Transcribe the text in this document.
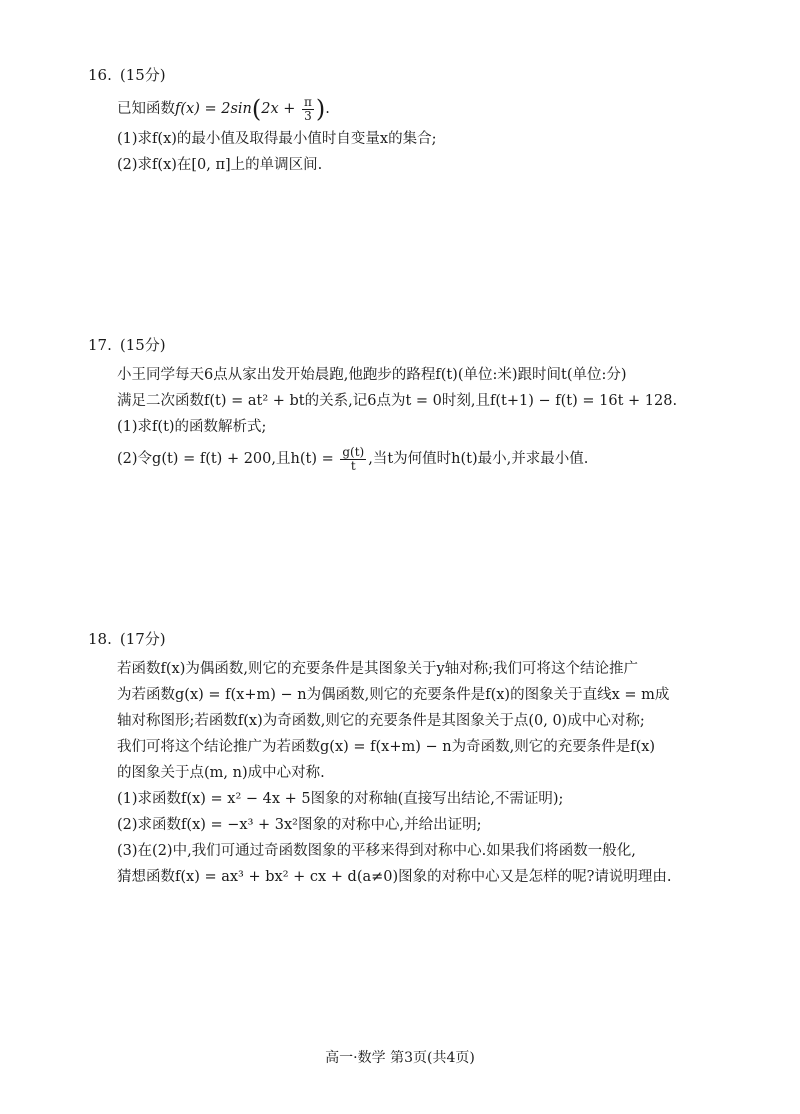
16. (15分)
已知函数$f(x) = 2\sin(2x + \frac{\pi}{3}$ ).
(1)求f(x)的最小值及取得最小值时自变量x的集合;
(2)求f(x)在[0, π]上的单调区间.
17. (15分)
小王同学每天6点从家出发开始晨跑,他跑步的路程f(t)(单位:米)跟时间t(单位:分)
满足二次函数f(t) = at² + bt的关系,记6点为t = 0时刻,且f(t+1) − f(t) = 16t + 128.
(1)求f(t)的函数解析式;
(2)令g(t) = f(t) + 200,且$h(t) = \frac{g(t)}{t}$ ,当t为何值时h(t)最小,并求最小值.
18. (17分)
若函数f(x)为偶函数,则它的充要条件是其图象关于y轴对称;我们可将这个结论推广
为若函数g(x) = f(x+m) − n为偶函数,则它的充要条件是f(x)的图象关于直线x = m成
轴对称图形;若函数f(x)为奇函数,则它的充要条件是其图象关于点(0, 0)成中心对称;
我们可将这个结论推广为若函数g(x) = f(x+m) − n为奇函数,则它的充要条件是f(x)
的图象关于点(m, n)成中心对称.
(1)求函数f(x) = x² − 4x + 5图象的对称轴(直接写出结论,不需证明);
(2)求函数f(x) = −x³ + 3x²图象的对称中心,并给出证明;
(3)在(2)中,我们可通过奇函数图象的平移来得到对称中心.如果我们将函数一般化,
猜想函数f(x) = ax³ + bx² + cx + d(a≠0)图象的对称中心又是怎样的呢?请说明理由.
高一·数学 第3页(共4页)
